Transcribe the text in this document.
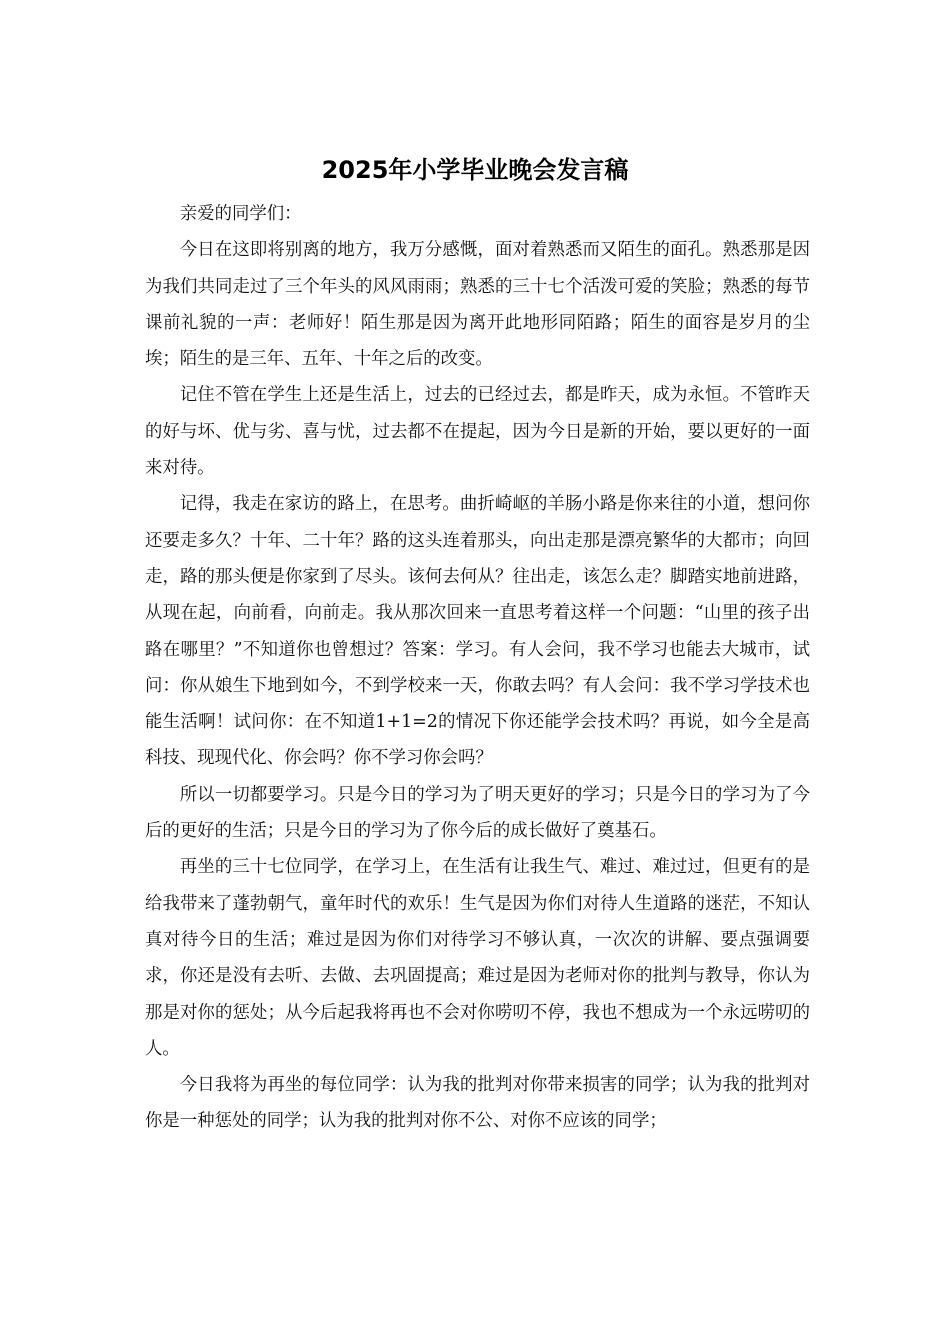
2025年小学毕业晚会发言稿

亲爱的同学们：

今日在这即将别离的地方，我万分感慨，面对着熟悉而又陌生的面孔。熟悉那是因为我们共同走过了三个年头的风风雨雨；熟悉的三十七个活泼可爱的笑脸；熟悉的每节课前礼貌的一声：老师好！陌生那是因为离开此地形同陌路；陌生的面容是岁月的尘埃；陌生的是三年、五年、十年之后的改变。

记住不管在学生上还是生活上，过去的已经过去，都是昨天，成为永恒。不管昨天的好与坏、优与劣、喜与忧，过去都不在提起，因为今日是新的开始，要以更好的一面来对待。

记得，我走在家访的路上，在思考。曲折崎岖的羊肠小路是你来往的小道，想问你还要走多久？十年、二十年？路的这头连着那头，向出走那是漂亮繁华的大都市；向回走，路的那头便是你家到了尽头。该何去何从？往出走，该怎么走？脚踏实地前进路，从现在起，向前看，向前走。我从那次回来一直思考着这样一个问题：“山里的孩子出路在哪里？”不知道你也曾想过？答案：学习。有人会问，我不学习也能去大城市，试问：你从娘生下地到如今，不到学校来一天，你敢去吗？有人会问：我不学习学技术也能生活啊！试问你：在不知道1+1=2的情况下你还能学会技术吗？再说，如今全是高科技、现现代化、你会吗？你不学习你会吗？

所以一切都要学习。只是今日的学习为了明天更好的学习；只是今日的学习为了今后的更好的生活；只是今日的学习为了你今后的成长做好了奠基石。

再坐的三十七位同学，在学习上，在生活有让我生气、难过、难过过，但更有的是给我带来了蓬勃朝气，童年时代的欢乐！生气是因为你们对待人生道路的迷茫，不知认真对待今日的生活；难过是因为你们对待学习不够认真，一次次的讲解、要点强调要求，你还是没有去听、去做、去巩固提高；难过是因为老师对你的批判与教导，你认为那是对你的惩处；从今后起我将再也不会对你唠叨不停，我也不想成为一个永远唠叨的人。

今日我将为再坐的每位同学：认为我的批判对你带来损害的同学；认为我的批判对你是一种惩处的同学；认为我的批判对你不公、对你不应该的同学；
